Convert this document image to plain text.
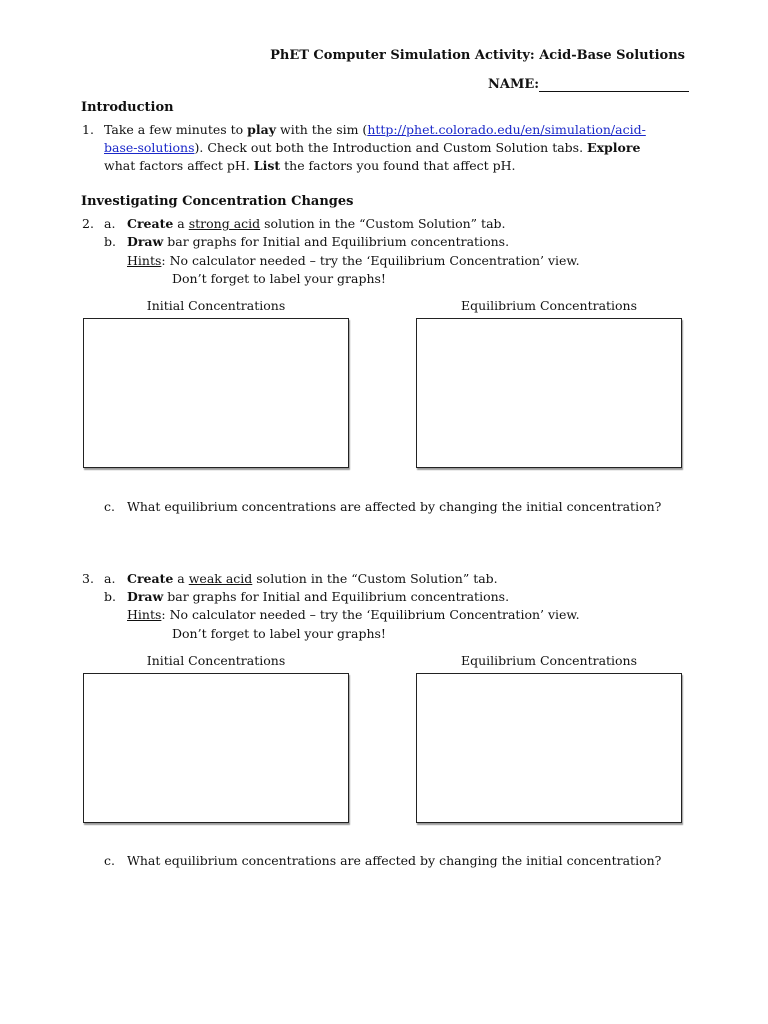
PhET Computer Simulation Activity: Acid-Base Solutions
NAME:
Introduction
1. Take a few minutes to play with the sim (http://phet.colorado.edu/en/simulation/acid-
base-solutions). Check out both the Introduction and Custom Solution tabs. Explore
what factors affect pH. List the factors you found that affect pH.
Investigating Concentration Changes
2. a. Create a strong acid solution in the “Custom Solution” tab.
b. Draw bar graphs for Initial and Equilibrium concentrations.
Hints: No calculator needed – try the ‘Equilibrium Concentration’ view.
Don’t forget to label your graphs!
Initial Concentrations	Equilibrium Concentrations
c. What equilibrium concentrations are affected by changing the initial concentration?
3. a. Create a weak acid solution in the “Custom Solution” tab.
b. Draw bar graphs for Initial and Equilibrium concentrations.
Hints: No calculator needed – try the ‘Equilibrium Concentration’ view.
Don’t forget to label your graphs!
Initial Concentrations	Equilibrium Concentrations
c. What equilibrium concentrations are affected by changing the initial concentration?
